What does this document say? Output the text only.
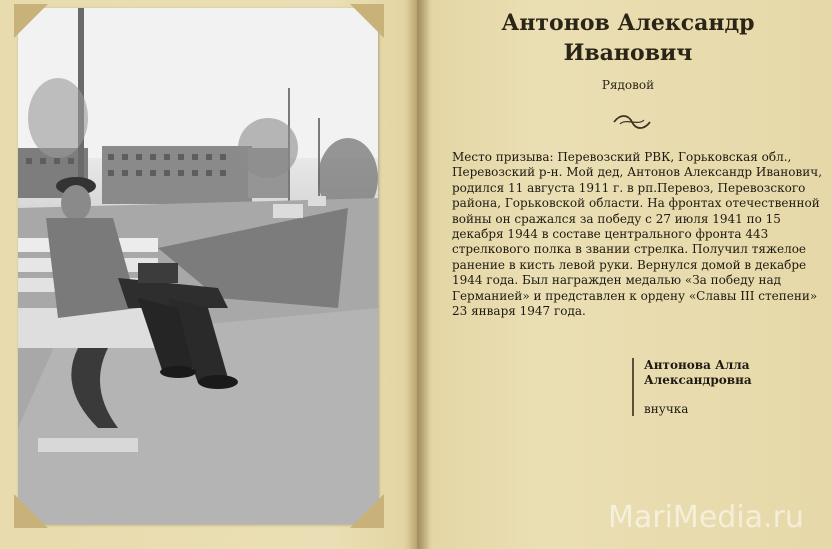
Антонов Александр Иванович
Рядовой
Место призыва: Перевозский РВК, Горьковская обл., Перевозский р-н. Мой дед, Антонов Александр Иванович, родился 11 августа 1911 г. в рп.Перевоз, Перевозского района, Горьковской области. На фронтах отечественной войны он сражался за победу с 27 июля 1941 по 15 декабря 1944 в составе центрального фронта 443 стрелкового полка в звании стрелка. Получил тяжелое ранение в кисть левой руки. Вернулся домой в декабре 1944 года. Был награжден медалью «За победу над Германией» и представлен к ордену «Славы III степени» 23 января 1947 года.
Антонова Алла Александровна
внучка
MariMedia.ru
